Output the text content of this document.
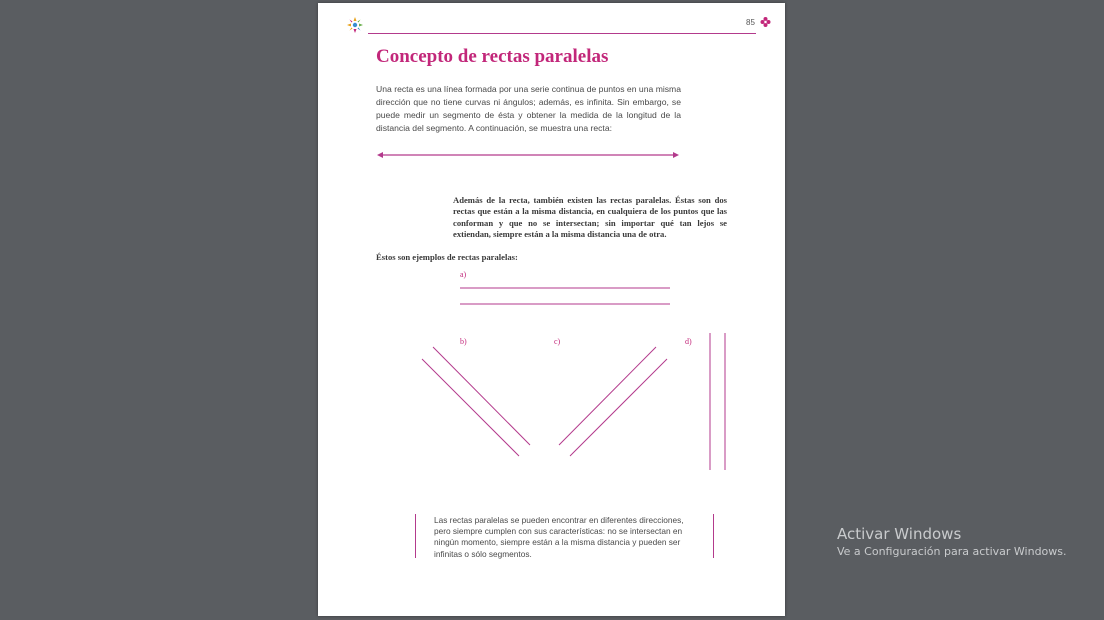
85
Concepto de rectas paralelas
Una recta es una línea formada por una serie continua de puntos en una misma dirección que no tiene curvas ni ángulos; además, es infinita. Sin embargo, se puede medir un segmento de ésta y obtener la medida de la longitud de la distancia del segmento. A continuación, se muestra una recta:
Además de la recta, también existen las rectas paralelas. Éstas son dos rectas que están a la misma distancia, en cualquiera de los puntos que las conforman y que no se intersectan; sin importar qué tan lejos se extiendan, siempre están a la misma distancia una de otra.
Éstos son ejemplos de rectas paralelas:
a)
b)	c)	d)
Las rectas paralelas se pueden encontrar en diferentes direcciones, pero siempre cumplen con sus características: no se intersectan en ningún momento, siempre están a la misma distancia y pueden ser infinitas o sólo segmentos.
Activar Windows
Ve a Configuración para activar Windows.
